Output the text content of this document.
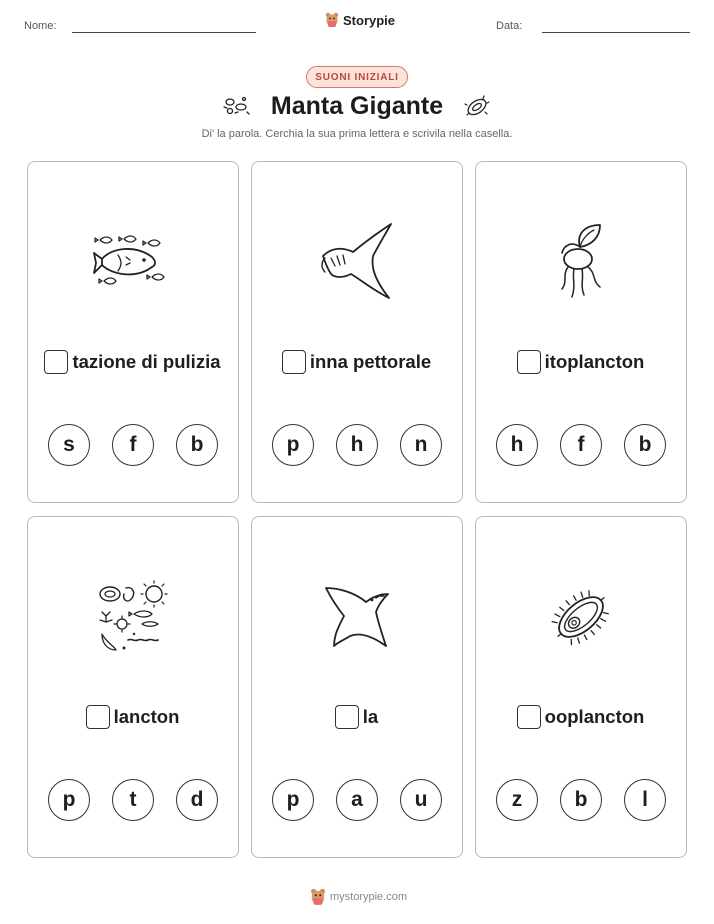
Nome:	Storypie	Data:
SUONI INIZIALI
Manta Gigante
Di' la parola. Cerchia la sua prima lettera e scrivila nella casella.
tazione di pulizia
s	f	b
inna pettorale
p	h	n
itoplancton
h	f	b
lancton
p	t	d
la
p	a	u
ooplancton
z	b	l
mystorypie.com
